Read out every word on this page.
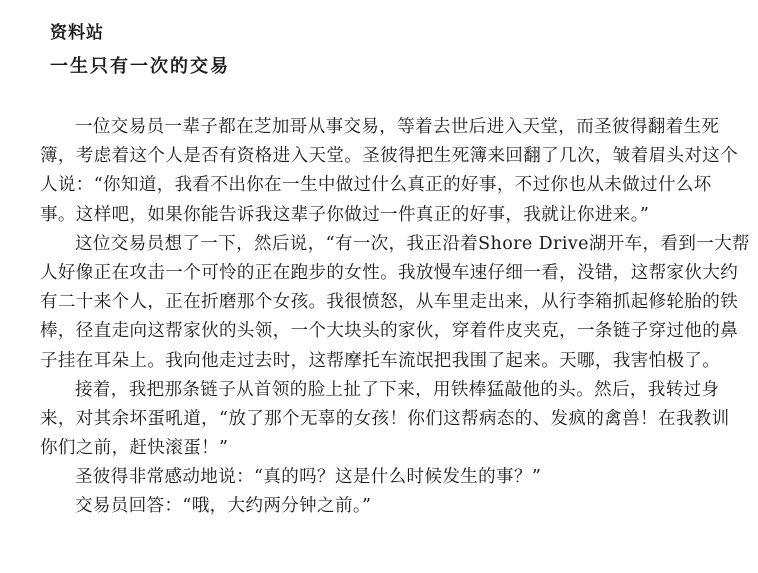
资料站
一生只有一次的交易
一位交易员一辈子都在芝加哥从事交易，等着去世后进入天堂，而圣彼得翻着生死
簿，考虑着这个人是否有资格进入天堂。圣彼得把生死簿来回翻了几次，皱着眉头对这个
人说：“你知道，我看不出你在一生中做过什么真正的好事，不过你也从未做过什么坏
事。这样吧，如果你能告诉我这辈子你做过一件真正的好事，我就让你进来。”
这位交易员想了一下，然后说，“有一次，我正沿着Shore Drive湖开车，看到一大帮
人好像正在攻击一个可怜的正在跑步的女性。我放慢车速仔细一看，没错，这帮家伙大约
有二十来个人，正在折磨那个女孩。我很愤怒，从车里走出来，从行李箱抓起修轮胎的铁
棒，径直走向这帮家伙的头领，一个大块头的家伙，穿着件皮夹克，一条链子穿过他的鼻
子挂在耳朵上。我向他走过去时，这帮摩托车流氓把我围了起来。天哪，我害怕极了。
接着，我把那条链子从首领的脸上扯了下来，用铁棒猛敲他的头。然后，我转过身
来，对其余坏蛋吼道，“放了那个无辜的女孩！你们这帮病态的、发疯的禽兽！在我教训
你们之前，赶快滚蛋！”
圣彼得非常感动地说：“真的吗？这是什么时候发生的事？”
交易员回答：“哦，大约两分钟之前。”
